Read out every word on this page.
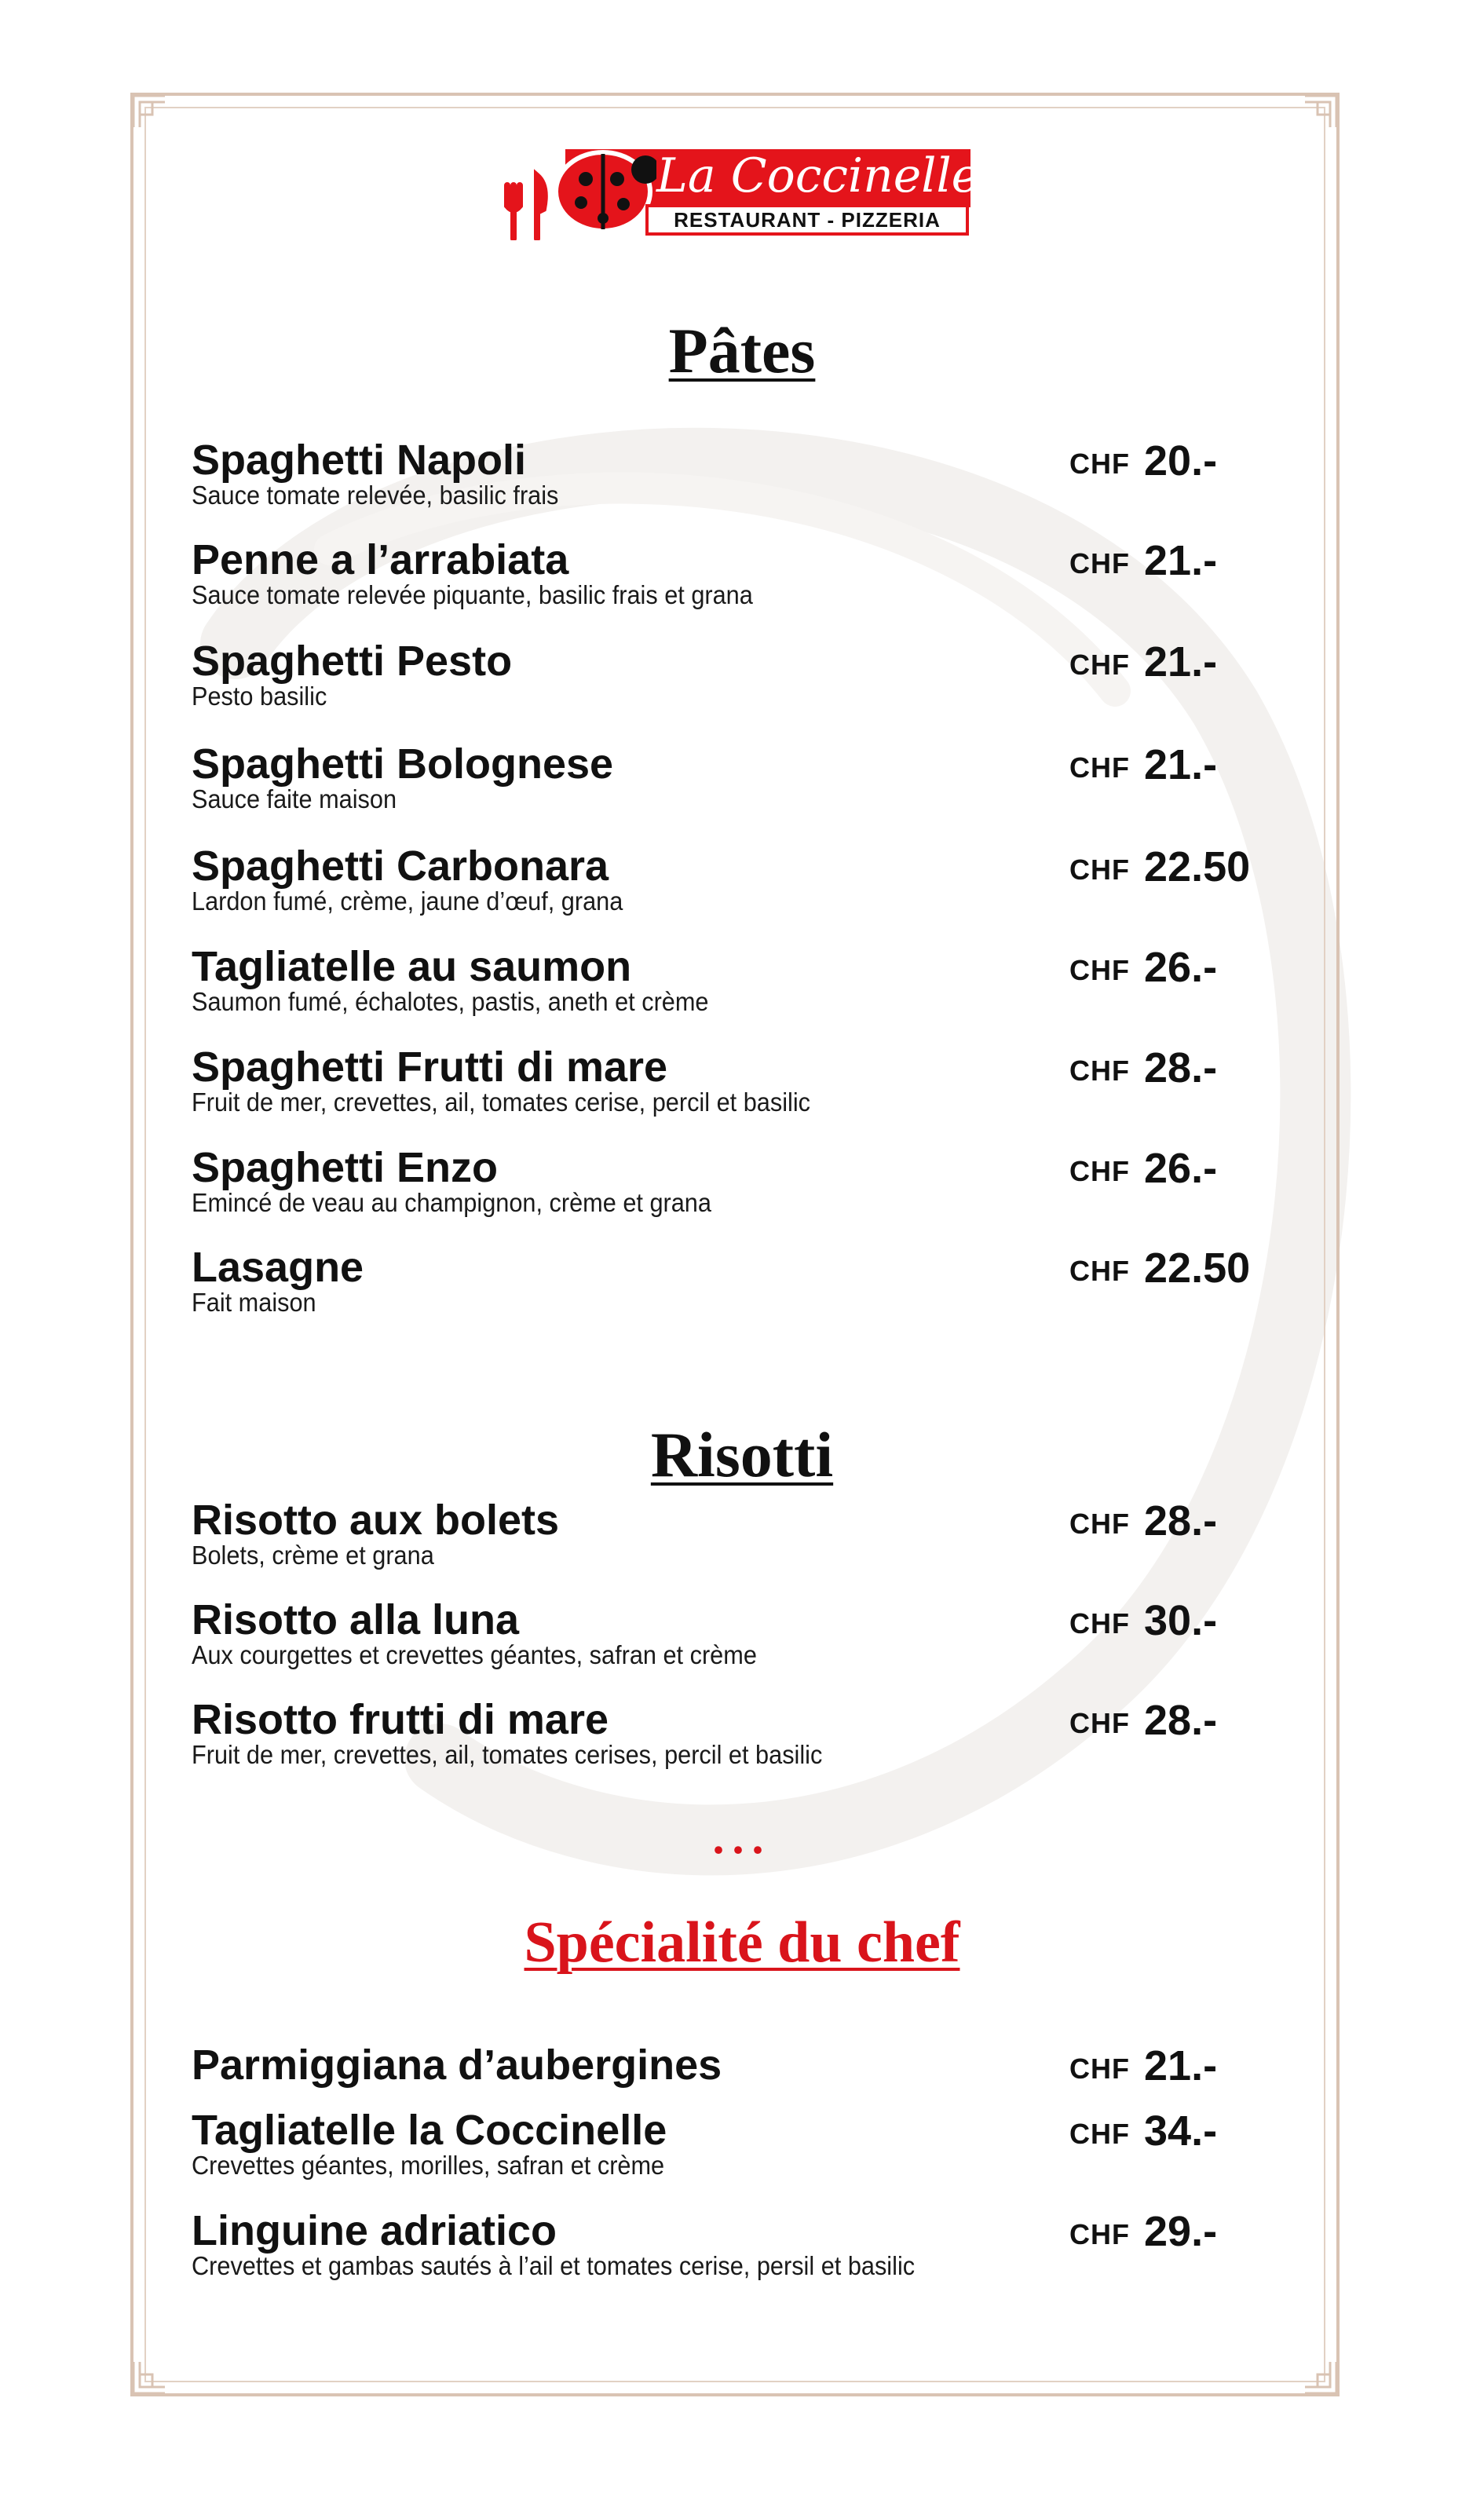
La Coccinelle
RESTAURANT - PIZZERIA
Pâtes
Spaghetti Napoli
Sauce tomate relevée, basilic frais
CHF 20.-
Penne a l’arrabiata
Sauce tomate relevée piquante, basilic frais et grana
CHF 21.-
Spaghetti Pesto
Pesto basilic
CHF 21.-
Spaghetti Bolognese
Sauce faite maison
CHF 21.-
Spaghetti Carbonara
Lardon fumé, crème, jaune d’œuf, grana
CHF 22.50
Tagliatelle au saumon
Saumon fumé, échalotes, pastis, aneth et crème
CHF 26.-
Spaghetti Frutti di mare
Fruit de mer, crevettes, ail, tomates cerise, percil et basilic
CHF 28.-
Spaghetti Enzo
Emincé de veau au champignon, crème et grana
CHF 26.-
Lasagne
Fait maison
CHF 22.50
Risotti
Risotto aux bolets
Bolets, crème et grana
CHF 28.-
Risotto alla luna
Aux courgettes et crevettes géantes, safran et crème
CHF 30.-
Risotto frutti di mare
Fruit de mer, crevettes, ail, tomates cerises, percil et basilic
CHF 28.-
...
Spécialité du chef
Parmiggiana d’aubergines	CHF 21.-
Tagliatelle la Coccinelle
Crevettes géantes, morilles, safran et crème
CHF 34.-
Linguine adriatico
Crevettes et gambas sautés à l’ail et tomates cerise, persil et basilic
CHF 29.-
